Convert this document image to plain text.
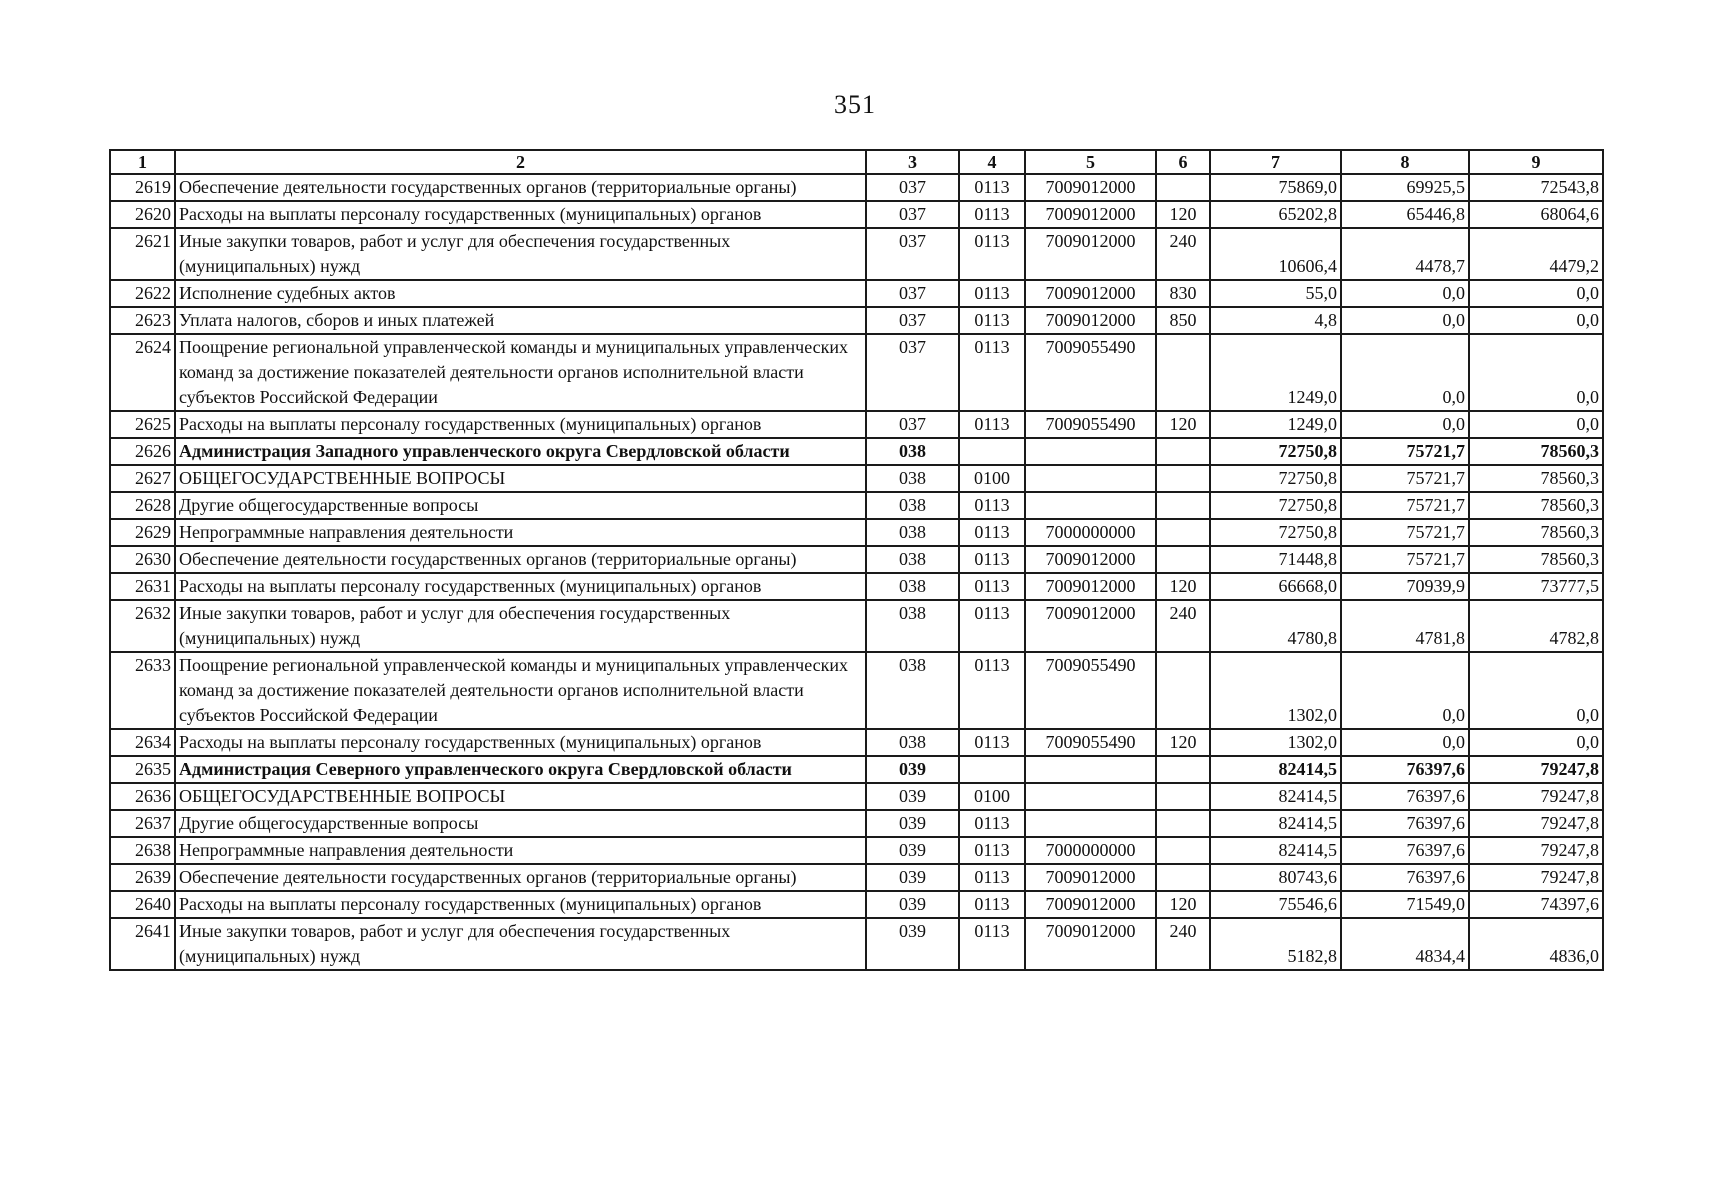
351
1	2	3	4	5	6	7	8	9
2619	Обеспечение деятельности государственных органов (территориальные органы)	037	0113	7009012000		75869,0	69925,5	72543,8
2620	Расходы на выплаты персоналу государственных (муниципальных) органов	037	0113	7009012000	120	65202,8	65446,8	68064,6
2621	Иные закупки товаров, работ и услуг для обеспечения государственных (муниципальных) нужд	037	0113	7009012000	240	10606,4	4478,7	4479,2
2622	Исполнение судебных актов	037	0113	7009012000	830	55,0	0,0	0,0
2623	Уплата налогов, сборов и иных платежей	037	0113	7009012000	850	4,8	0,0	0,0
2624	Поощрение региональной управленческой команды и муниципальных управленческих команд за достижение показателей деятельности органов исполнительной власти субъектов Российской Федерации	037	0113	7009055490		1249,0	0,0	0,0
2625	Расходы на выплаты персоналу государственных (муниципальных) органов	037	0113	7009055490	120	1249,0	0,0	0,0
2626	Администрация Западного управленческого округа Свердловской области	038				72750,8	75721,7	78560,3
2627	ОБЩЕГОСУДАРСТВЕННЫЕ ВОПРОСЫ	038	0100			72750,8	75721,7	78560,3
2628	Другие общегосударственные вопросы	038	0113			72750,8	75721,7	78560,3
2629	Непрограммные направления деятельности	038	0113	7000000000		72750,8	75721,7	78560,3
2630	Обеспечение деятельности государственных органов (территориальные органы)	038	0113	7009012000		71448,8	75721,7	78560,3
2631	Расходы на выплаты персоналу государственных (муниципальных) органов	038	0113	7009012000	120	66668,0	70939,9	73777,5
2632	Иные закупки товаров, работ и услуг для обеспечения государственных (муниципальных) нужд	038	0113	7009012000	240	4780,8	4781,8	4782,8
2633	Поощрение региональной управленческой команды и муниципальных управленческих команд за достижение показателей деятельности органов исполнительной власти субъектов Российской Федерации	038	0113	7009055490		1302,0	0,0	0,0
2634	Расходы на выплаты персоналу государственных (муниципальных) органов	038	0113	7009055490	120	1302,0	0,0	0,0
2635	Администрация Северного управленческого округа Свердловской области	039				82414,5	76397,6	79247,8
2636	ОБЩЕГОСУДАРСТВЕННЫЕ ВОПРОСЫ	039	0100			82414,5	76397,6	79247,8
2637	Другие общегосударственные вопросы	039	0113			82414,5	76397,6	79247,8
2638	Непрограммные направления деятельности	039	0113	7000000000		82414,5	76397,6	79247,8
2639	Обеспечение деятельности государственных органов (территориальные органы)	039	0113	7009012000		80743,6	76397,6	79247,8
2640	Расходы на выплаты персоналу государственных (муниципальных) органов	039	0113	7009012000	120	75546,6	71549,0	74397,6
2641	Иные закупки товаров, работ и услуг для обеспечения государственных (муниципальных) нужд	039	0113	7009012000	240	5182,8	4834,4	4836,0
